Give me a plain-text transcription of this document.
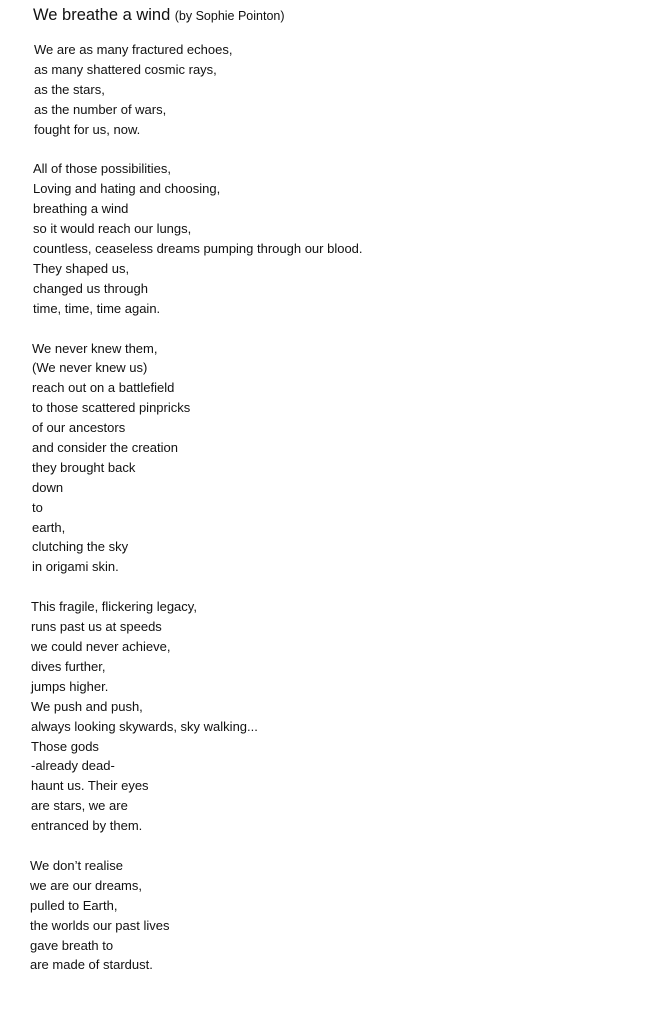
We breathe a wind (by Sophie Pointon)
We are as many fractured echoes,
as many shattered cosmic rays,
as the stars,
as the number of wars,
fought for us, now.
All of those possibilities,
Loving and hating and choosing,
breathing a wind
so it would reach our lungs,
countless, ceaseless dreams pumping through our blood.
They shaped us,
changed us through
time, time, time again.
We never knew them,
(We never knew us)
reach out on a battlefield
to those scattered pinpricks
of our ancestors
and consider the creation
they brought back
down
to
earth,
clutching the sky
in origami skin.
This fragile, flickering legacy,
runs past us at speeds
we could never achieve,
dives further,
jumps higher.
We push and push,
always looking skywards, sky walking...
Those gods
-already dead-
haunt us. Their eyes
are stars, we are
entranced by them.
We don’t realise
we are our dreams,
pulled to Earth,
the worlds our past lives
gave breath to
are made of stardust.
